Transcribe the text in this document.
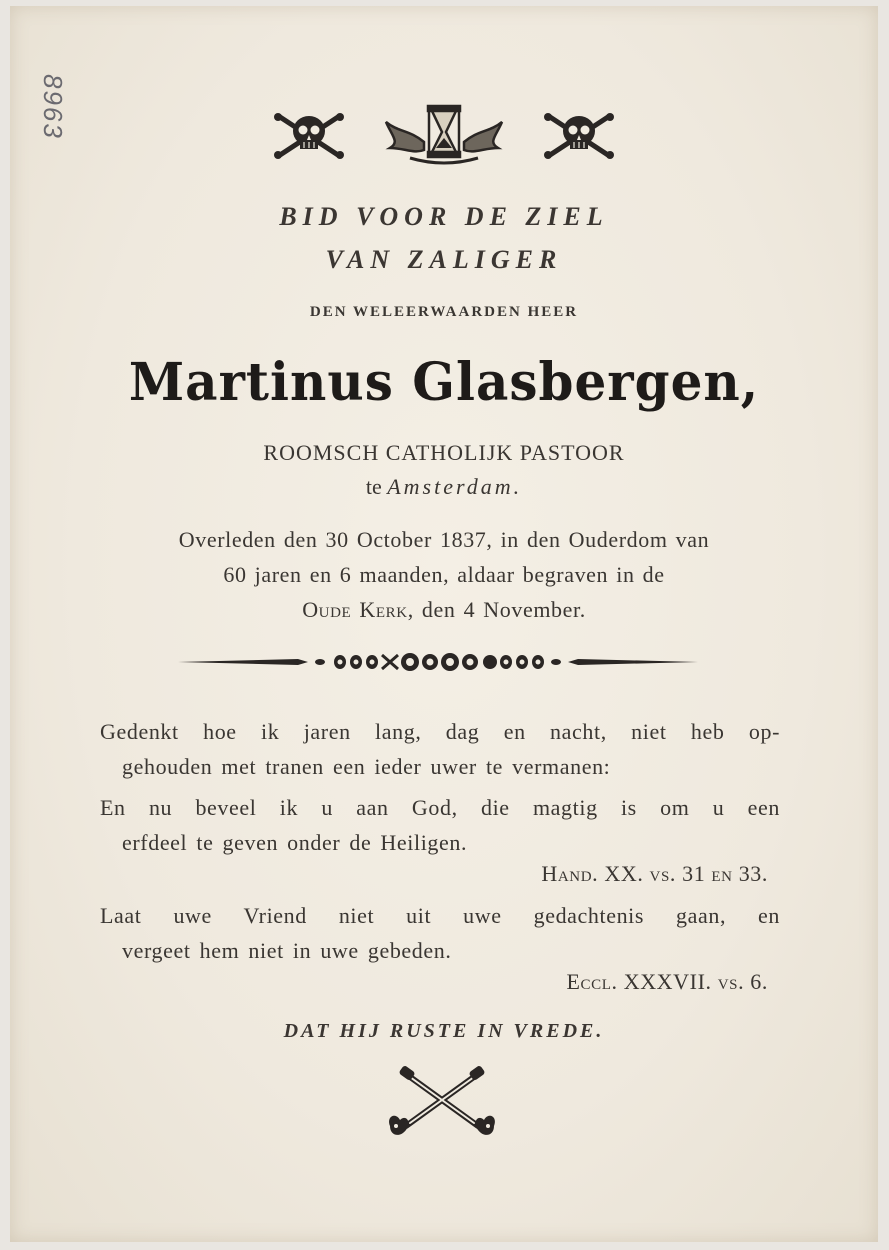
8963
BID VOOR DE ZIEL
VAN ZALIGER
DEN WELEERWAARDEN HEER
Martinus Glasbergen,
ROOMSCH CATHOLIJK PASTOOR
te Amsterdam.
Overleden den 30 October 1837, in den Ouderdom van
60 jaren en 6 maanden, aldaar begraven in de
Oude Kerk, den 4 November.
Gedenkt hoe ik jaren lang, dag en nacht, niet heb op-
gehouden met tranen een ieder uwer te vermanen:
En nu beveel ik u aan God, die magtig is om u een
erfdeel te geven onder de Heiligen.
Hand. XX. vs. 31 en 33.
Laat uwe Vriend niet uit uwe gedachtenis gaan, en
vergeet hem niet in uwe gebeden.
Eccl. XXXVII. vs. 6.
DAT HIJ RUSTE IN VREDE.
